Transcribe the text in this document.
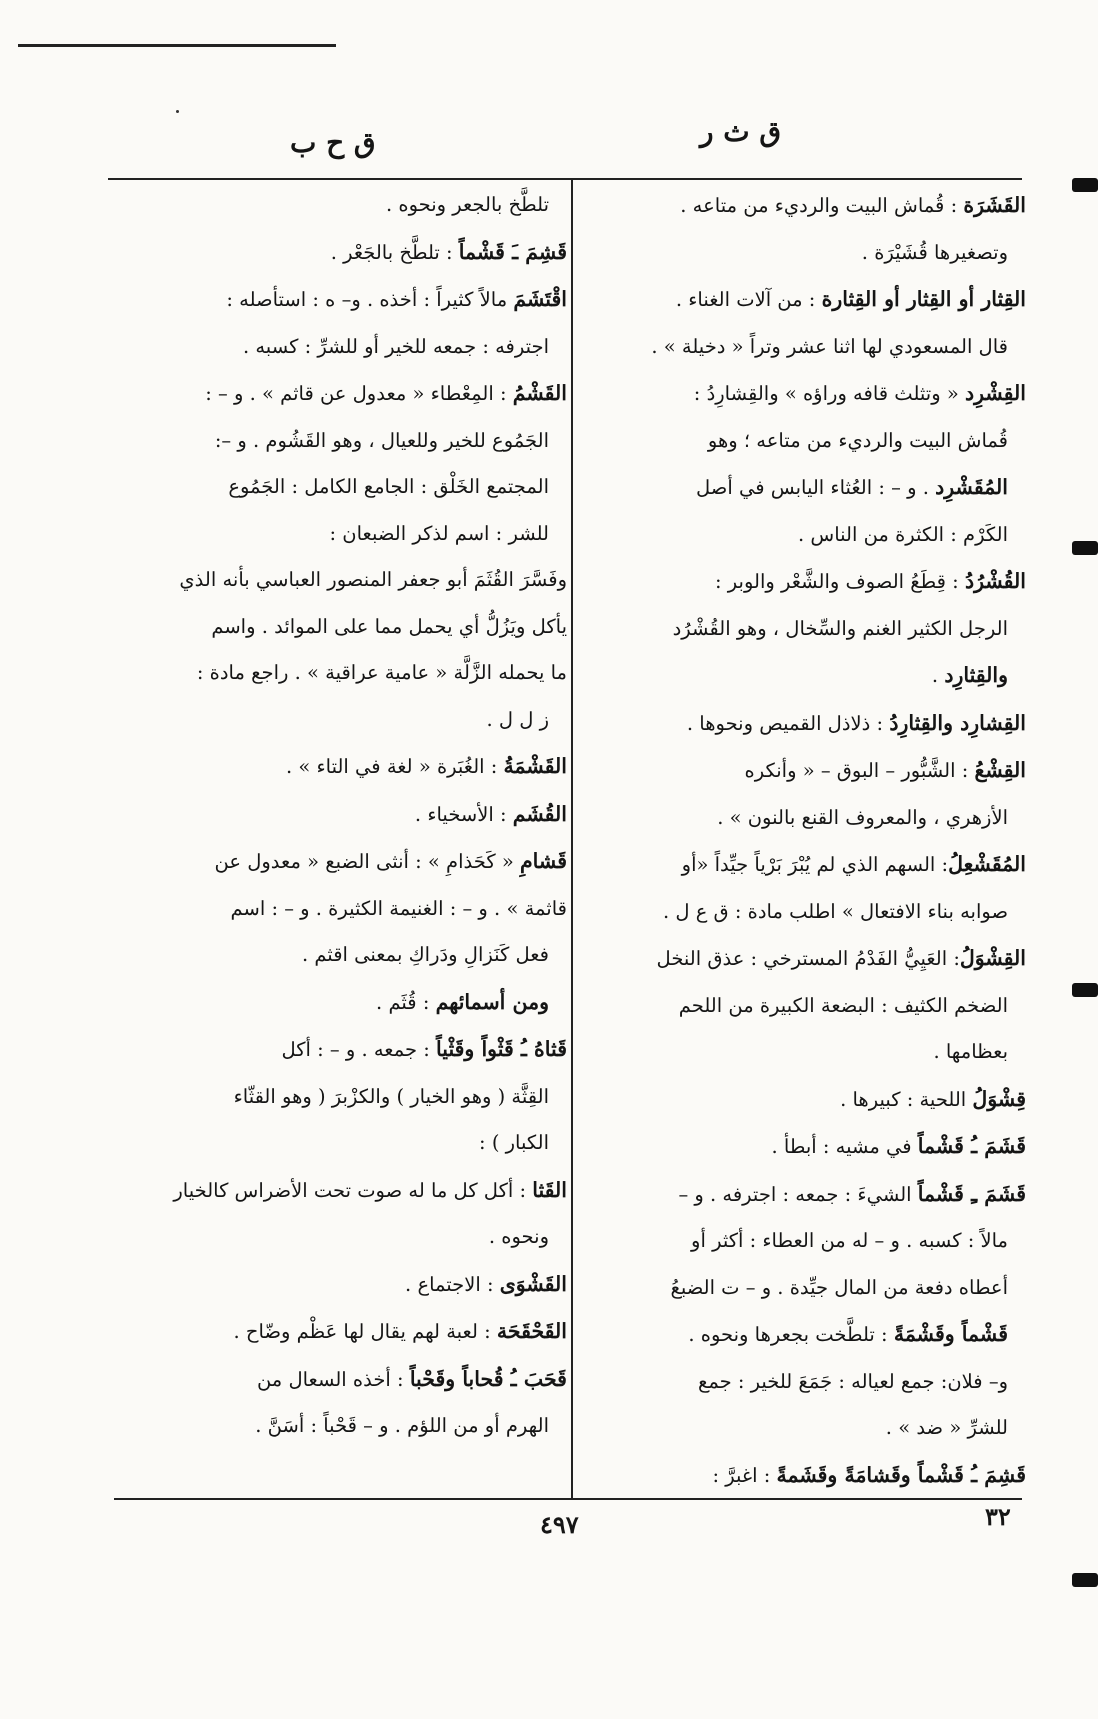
ق ث ر
ق ح ب
القَشَرَة : قُماش البيت والرديء من متاعه .
وتصغيرها قُشَيْرَة .
القِثار أو القِثار أو القِثارة : من آلات الغناء .
قال المسعودي لها اثنا عشر وتراً « دخيلة » .
القِشْرِد « وتثلث قافه وراؤه » والقِشارِدُ :
قُماش البيت والرديء من متاعه ؛ وهو
المُقَشْرِد . و – : العُثاء اليابس في أصل
الكَرْم : الكثرة من الناس .
القُشْرُدُ : قِطَعُ الصوف والشَّعْر والوبر :
الرجل الكثير الغنم والسِّخال ، وهو القُشْرُد
والقِثارِد .
القِشارِد والقِثارِدُ : ذلاذل القميص ونحوها .
القِشْعُ : الشَّبُّور – البوق – « وأنكره
الأزهري ، والمعروف القنع بالنون » .
المُقَشْعِلُ: السهم الذي لم يُبْرَ بَرْياً جيِّداً «أو
صوابه بناء الافتعال » اطلب مادة : ق ع ل .
القِشْوَلُ: العَيِيُّ الفَدْمُ المسترخي : عذق النخل
الضخم الكثيف : البضعة الكبيرة من اللحم
بعظامها .
قِشْوَلُ اللحية : كبيرها .
قَشَمَ ـُ قَشْماً في مشيه : أبطأ .
قَشَمَ ـِ قَشْماً الشيءَ : جمعه : اجترفه . و –
مالاً : كسبه . و – له من العطاء : أكثر أو
أعطاه دفعة من المال جيِّدة . و – ت الضبعُ
قَشْماً وقَشْمَةً : تلطَّخت بجعرها ونحوه .
و– فلان: جمع لعياله : جَمَعَ للخير : جمع
للشرِّ « ضد » .
قَشِمَ ـُ قَشْماً وقَشامَةً وقَشَمةً : اغبرَّ :
تلطَّخ بالجعر ونحوه .
قَشِمَ ـَ قَشْماً : تلطَّخ بالجَعْر .
اقْتَشَمَ مالاً كثيراً : أخذه . و– ه : استأصله :
اجترفه : جمعه للخير أو للشرِّ : كسبه .
القَشْمُ : المِعْطاء « معدول عن قاثم » . و – :
الجَمُوع للخير وللعيال ، وهو القَشُوم . و –:
المجتمع الخَلْق : الجامع الكامل : الجَمُوع
للشر : اسم لذكر الضبعان :
وفَسَّرَ القُثَمَ أبو جعفر المنصور العباسي بأنه الذي
يأكل ويَزُلُّ أي يحمل مما على الموائد . واسم
ما يحمله الزَّلَّة « عامية عراقية » . راجع مادة :
ز ل ل .
القَشْمَةُ : الغُبَرة « لغة في التاء » .
القُشَم : الأسخياء .
قَشامِ « كَحَذامِ » : أنثى الضبع « معدول عن
قاثمة » . و – : الغنيمة الكثيرة . و – : اسم
فعل كَنَزالِ ودَراكِ بمعنى اقثم .
ومن أسمائهم : قُثَم .
قَثاهُ ـُ قَثْواً وقَثْياً : جمعه . و – : أكل
القِثَّة ( وهو الخيار ) والكزْبرَ ( وهو القثّاء
الكبار ) :
القَثا : أكل كل ما له صوت تحت الأضراس كالخيار
ونحوه .
القَشْوَى : الاجتماع .
القَحْقَحَة : لعبة لهم يقال لها عَظْم وضّاح .
قَحَبَ ـُ قُحاباً وقَحْباً : أخذه السعال من
الهرم أو من اللؤم . و – قَحْباً : أسَنَّ .
٤٩٧	٣٢
